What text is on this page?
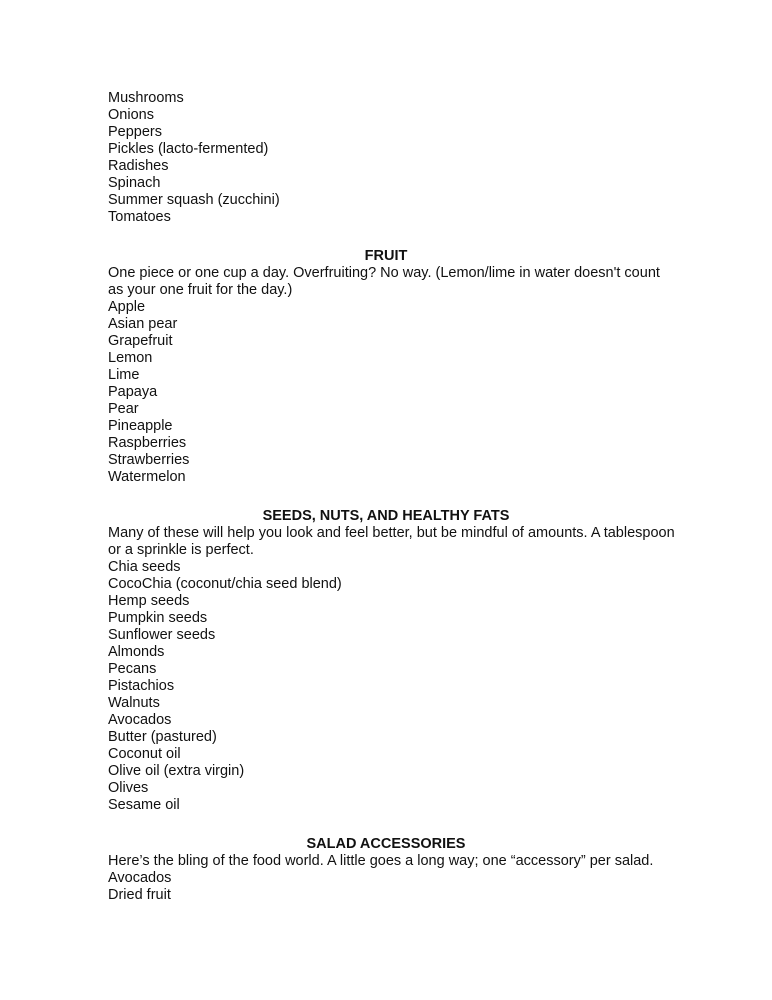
Mushrooms
Onions
Peppers
Pickles (lacto-fermented)
Radishes
Spinach
Summer squash (zucchini)
Tomatoes
FRUIT
One piece or one cup a day. Overfruiting? No way. (Lemon/lime in water doesn't count
as your one fruit for the day.)
Apple
Asian pear
Grapefruit
Lemon
Lime
Papaya
Pear
Pineapple
Raspberries
Strawberries
Watermelon
SEEDS, NUTS, AND HEALTHY FATS
Many of these will help you look and feel better, but be mindful of amounts. A tablespoon
or a sprinkle is perfect.
Chia seeds
CocoChia (coconut/chia seed blend)
Hemp seeds
Pumpkin seeds
Sunflower seeds
Almonds
Pecans
Pistachios
Walnuts
Avocados
Butter (pastured)
Coconut oil
Olive oil (extra virgin)
Olives
Sesame oil
SALAD ACCESSORIES
Here’s the bling of the food world. A little goes a long way; one “accessory” per salad.
Avocados
Dried fruit
